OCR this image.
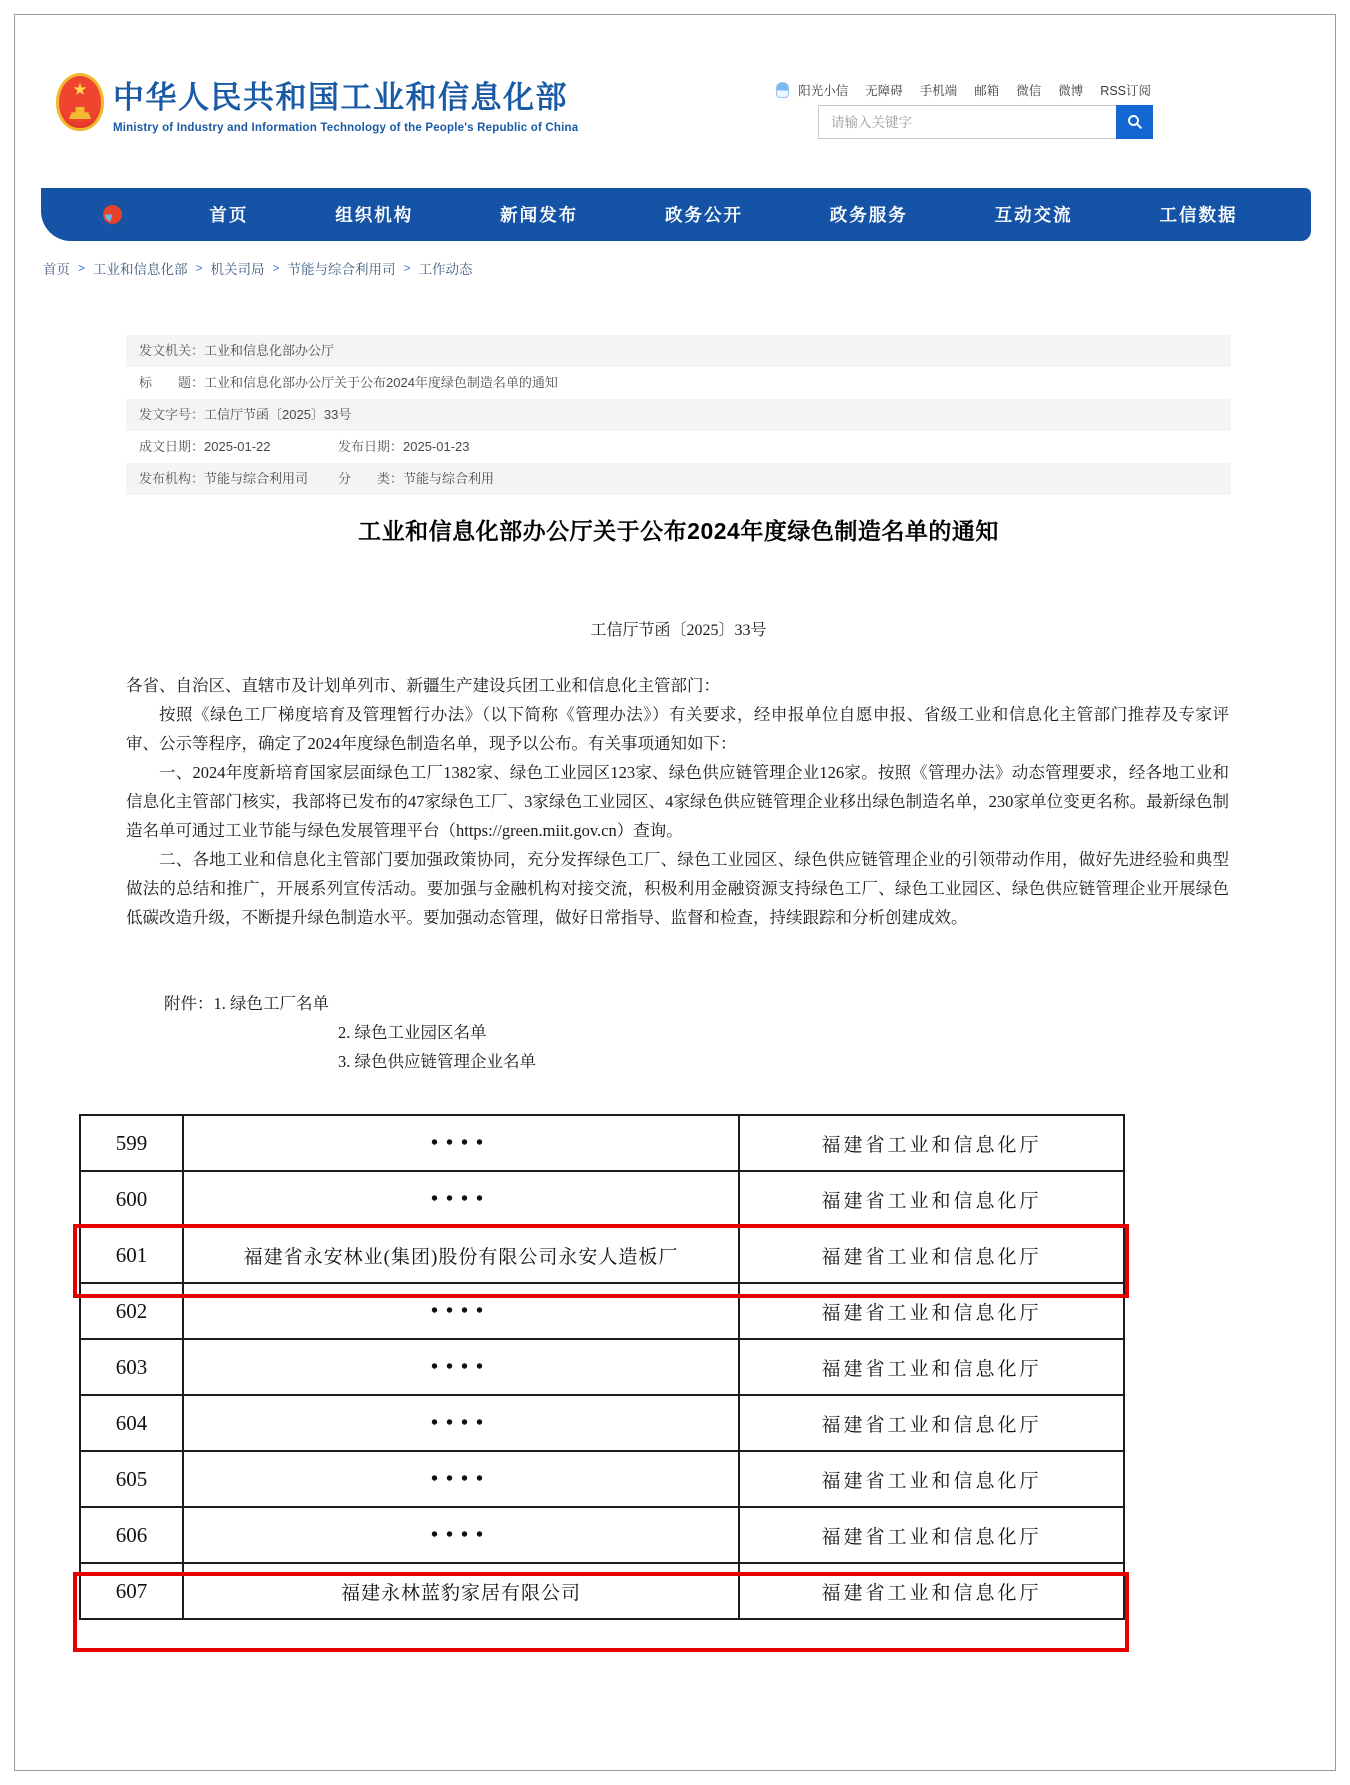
★
中华人民共和国工业和信息化部
Ministry of Industry and Information Technology of the People's Republic of China
阳光小信 无障碍 手机端 邮箱 微信 微博 RSS订阅
请输入关键字
首页	组织机构	新闻发布	政务公开	政务服务	互动交流	工信数据
首页 > 工业和信息化部 > 机关司局 > 节能与综合利用司 > 工作动态
发文机关：工业和信息化部办公厅
标　　题：工业和信息化部办公厅关于公布2024年度绿色制造名单的通知
发文字号：工信厅节函〔2025〕33号
成文日期：2025-01-22	发布日期：2025-01-23
发布机构：节能与综合利用司 分　　类：节能与综合利用
工业和信息化部办公厅关于公布2024年度绿色制造名单的通知
工信厅节函〔2025〕33号

各省、自治区、直辖市及计划单列市、新疆生产建设兵团工业和信息化主管部门：

按照《绿色工厂梯度培育及管理暂行办法》（以下简称《管理办法》）有关要求，经申报单位自愿申报、省级工业和信息化主管部门推荐及专家评审、公示等程序，确定了2024年度绿色制造名单，现予以公布。有关事项通知如下：

一、2024年度新培育国家层面绿色工厂1382家、绿色工业园区123家、绿色供应链管理企业126家。按照《管理办法》动态管理要求，经各地工业和信息化主管部门核实，我部将已发布的47家绿色工厂、3家绿色工业园区、4家绿色供应链管理企业移出绿色制造名单，230家单位变更名称。最新绿色制造名单可通过工业节能与绿色发展管理平台（https://green.miit.gov.cn）查询。

二、各地工业和信息化主管部门要加强政策协同，充分发挥绿色工厂、绿色工业园区、绿色供应链管理企业的引领带动作用，做好先进经验和典型做法的总结和推广，开展系列宣传活动。要加强与金融机构对接交流，积极利用金融资源支持绿色工厂、绿色工业园区、绿色供应链管理企业开展绿色低碳改造升级，不断提升绿色制造水平。要加强动态管理，做好日常指导、监督和检查，持续跟踪和分析创建成效。

附件：1. 绿色工厂名单
2. 绿色工业园区名单
3. 绿色供应链管理企业名单
599	••••	福建省工业和信息化厅
600	••••	福建省工业和信息化厅
601	福建省永安林业(集团)股份有限公司永安人造板厂	福建省工业和信息化厅
602	••••	福建省工业和信息化厅
603	••••	福建省工业和信息化厅
604	••••	福建省工业和信息化厅
605	••••	福建省工业和信息化厅
606	••••	福建省工业和信息化厅
607	福建永林蓝豹家居有限公司	福建省工业和信息化厅
